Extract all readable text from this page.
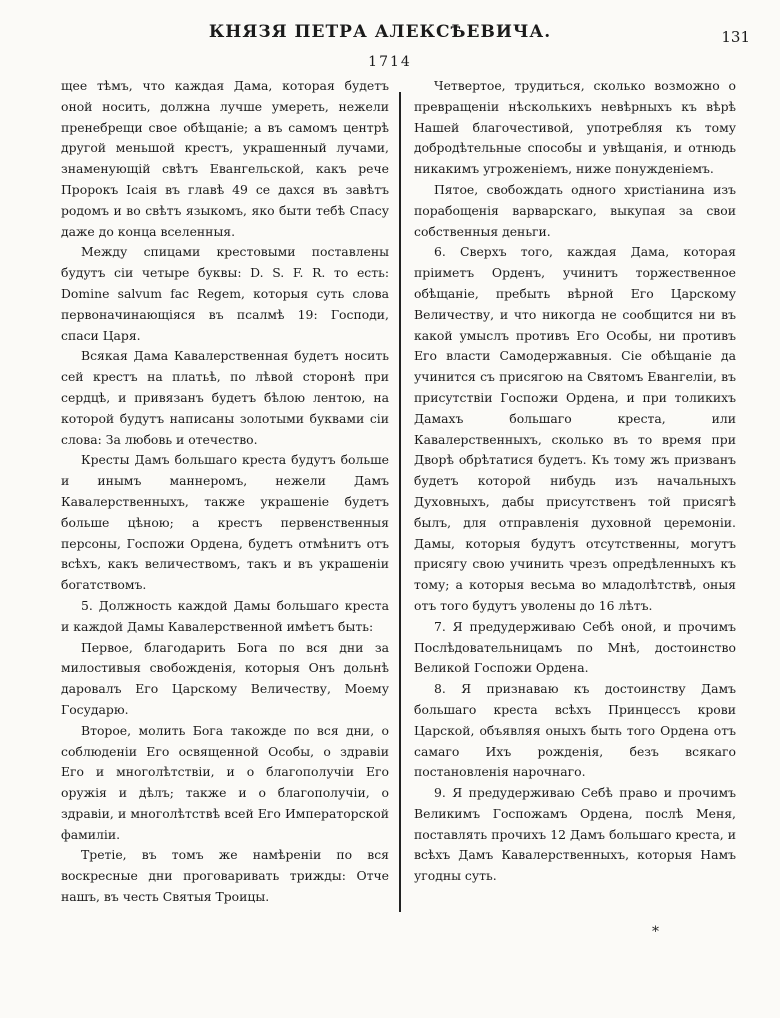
КНЯЗЯ ПЕТРА АЛЕКСѢЕВИЧА.	131
1714

щее тѣмъ, что каждая Дама, которая будетъ оной носить, должна лучше умереть, нежели пренебрещи свое обѣщаніе; а въ самомъ центрѣ другой меньшой крестъ, украшенный лучами, знаменующій свѣтъ Евангельской, какъ рече Пророкъ Ісаія въ главѣ 49 се дахся въ завѣтъ родомъ и во свѣтъ языкомъ, яко быти тебѣ Спасу даже до конца вселенныя.

Между спицами крестовыми поставлены будутъ сіи четыре буквы: D. S. F. R. то есть: Domine salvum fac Regem, которыя суть слова первоначинающіяся въ псалмѣ 19: Господи, спаси Царя.

Всякая Дама Кавалерственная будетъ носить сей крестъ на платьѣ, по лѣвой сторонѣ при сердцѣ, и привязанъ будетъ бѣлою лентою, на которой будутъ написаны золотыми буквами сіи слова: За любовь и отечество.

Кресты Дамъ большаго креста будутъ больше и инымъ маннеромъ, нежели Дамъ Кавалерственныхъ, также украшеніе будетъ больше цѣною; а крестъ первенственныя персоны, Госпожи Ордена, будетъ отмѣнитъ отъ всѣхъ, какъ величествомъ, такъ и въ украшеніи богатствомъ.

5. Должность каждой Дамы большаго креста и каждой Дамы Кавалерственной имѣетъ быть:

Первое, благодарить Бога по вся дни за милостивыя свобожденія, которыя Онъ дольнѣ даровалъ Его Царскому Величеству, Моему Государю.

Второе, молить Бога такожде по вся дни, о соблюденіи Его освященной Особы, о здравіи Его и многолѣтствіи, и о благополучіи Его оружія и дѣлъ; также и о благополучіи, о здравіи, и многолѣтствѣ всей Его Императорской фамиліи.

Третіе, въ томъ же намѣреніи по вся воскресные дни проговаривать трижды: Отче нашъ, въ честь Святыя Троицы.

Четвертое, трудиться, сколько возможно о превращеніи нѣсколькихъ невѣрныхъ къ вѣрѣ Нашей благочестивой, употребляя къ тому добродѣтельные способы и увѣщанія, и отнюдь никакимъ угроженіемъ, ниже понужденіемъ.

Пятое, свобождать одного христіанина изъ порабощенія варварскаго, выкупая за свои собственныя деньги.

6. Сверхъ того, каждая Дама, которая пріиметъ Орденъ, учинитъ торжественное обѣщаніе, пребыть вѣрной Его Царскому Величеству, и что никогда не сообщится ни въ какой умыслъ противъ Его Особы, ни противъ Его власти Самодержавныя. Сіе обѣщаніе да учинится съ присягою на Святомъ Евангеліи, въ присутствіи Госпожи Ордена, и при толикихъ Дамахъ большаго креста, или Кавалерственныхъ, сколько въ то время при Дворѣ обрѣтатися будетъ. Къ тому жъ призванъ будетъ которой нибудь изъ начальныхъ Духовныхъ, дабы присутственъ той присягѣ былъ, для отправленія духовной церемоніи. Дамы, которыя будутъ отсутственны, могутъ присягу свою учинить чрезъ опредѣленныхъ къ тому; а которыя весьма во младолѣтствѣ, оныя отъ того будутъ уволены до 16 лѣтъ.

7. Я предудерживаю Себѣ оной, и прочимъ Послѣдовательницамъ по Мнѣ, достоинство Великой Госпожи Ордена.

8. Я признаваю къ достоинству Дамъ большаго креста всѣхъ Принцессъ крови Царской, объявляя оныхъ быть того Ордена отъ самаго Ихъ рожденія, безъ всякаго постановленія нарочнаго.

9. Я предудерживаю Себѣ право и прочимъ Великимъ Госпожамъ Ордена, послѣ Меня, поставлять прочихъ 12 Дамъ большаго креста, и всѣхъ Дамъ Кавалерственныхъ, которыя Намъ угодны суть.

*
